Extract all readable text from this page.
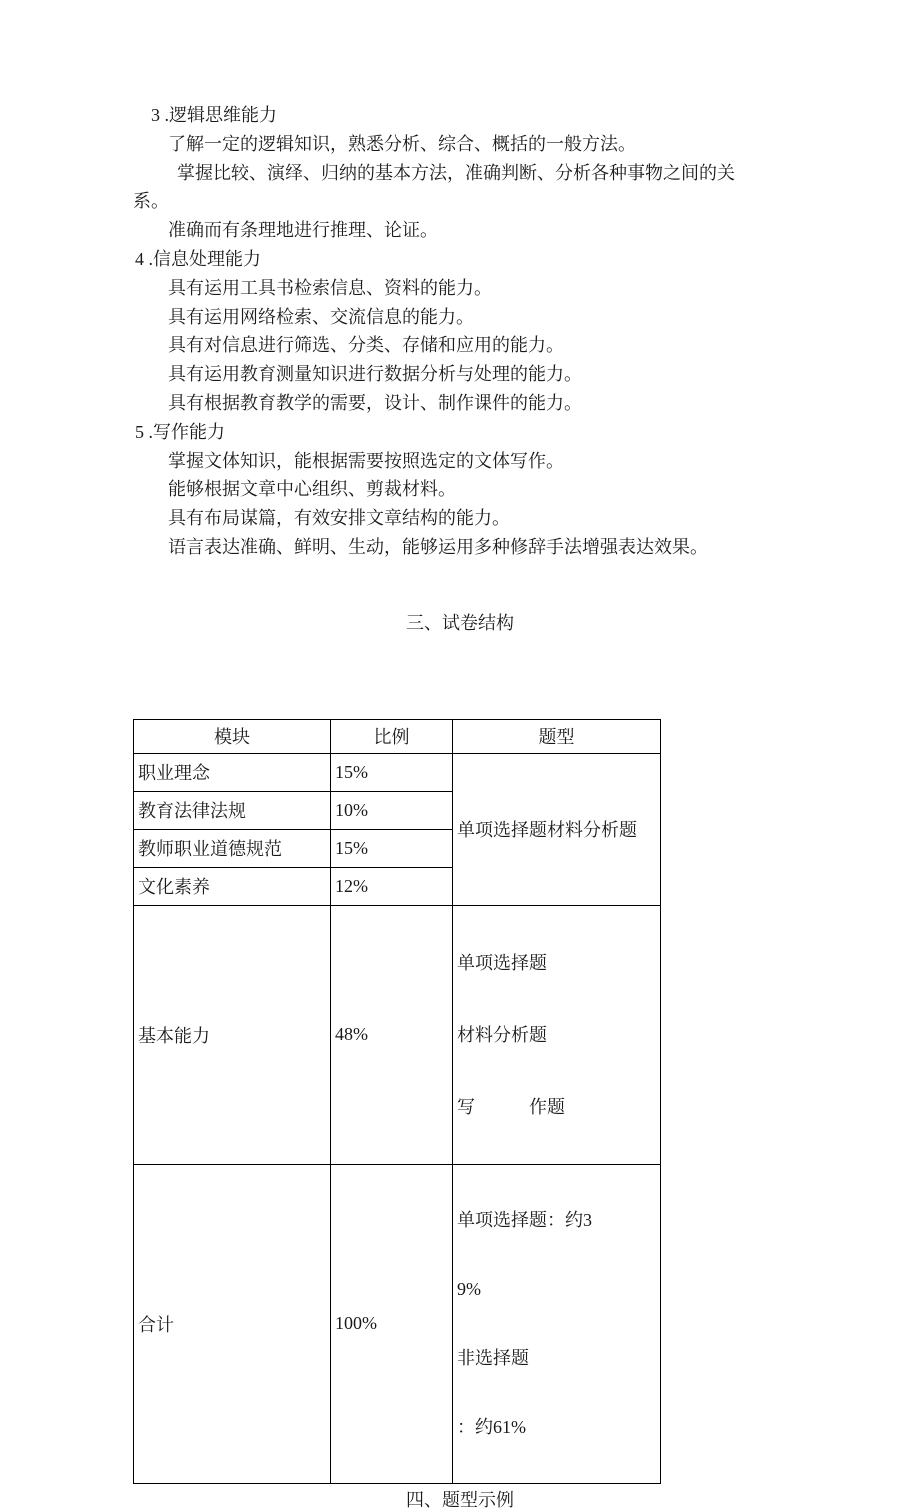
3 .逻辑思维能力

了解一定的逻辑知识，熟悉分析、综合、概括的一般方法。

掌握比较、演绎、归纳的基本方法，准确判断、分析各种事物之间的关系。

准确而有条理地进行推理、论证。

4 .信息处理能力

具有运用工具书检索信息、资料的能力。

具有运用网络检索、交流信息的能力。

具有对信息进行筛选、分类、存储和应用的能力。

具有运用教育测量知识进行数据分析与处理的能力。

具有根据教育教学的需要，设计、制作课件的能力。

5 .写作能力

掌握文体知识，能根据需要按照选定的文体写作。

能够根据文章中心组织、剪裁材料。

具有布局谋篇，有效安排文章结构的能力。

语言表达准确、鲜明、生动，能够运用多种修辞手法增强表达效果。

三、试卷结构
模块	比例	题型
职业理念	15%	单项选择题材料分析题
教育法律法规	10%	
教师职业道德规范	15%	
文化素养	12%	
基本能力	48%	单项选择题

材料分析题

写　　　作题

合计	100%	单项选择题：约3

9%

非选择题

：约61%

四、题型示例
